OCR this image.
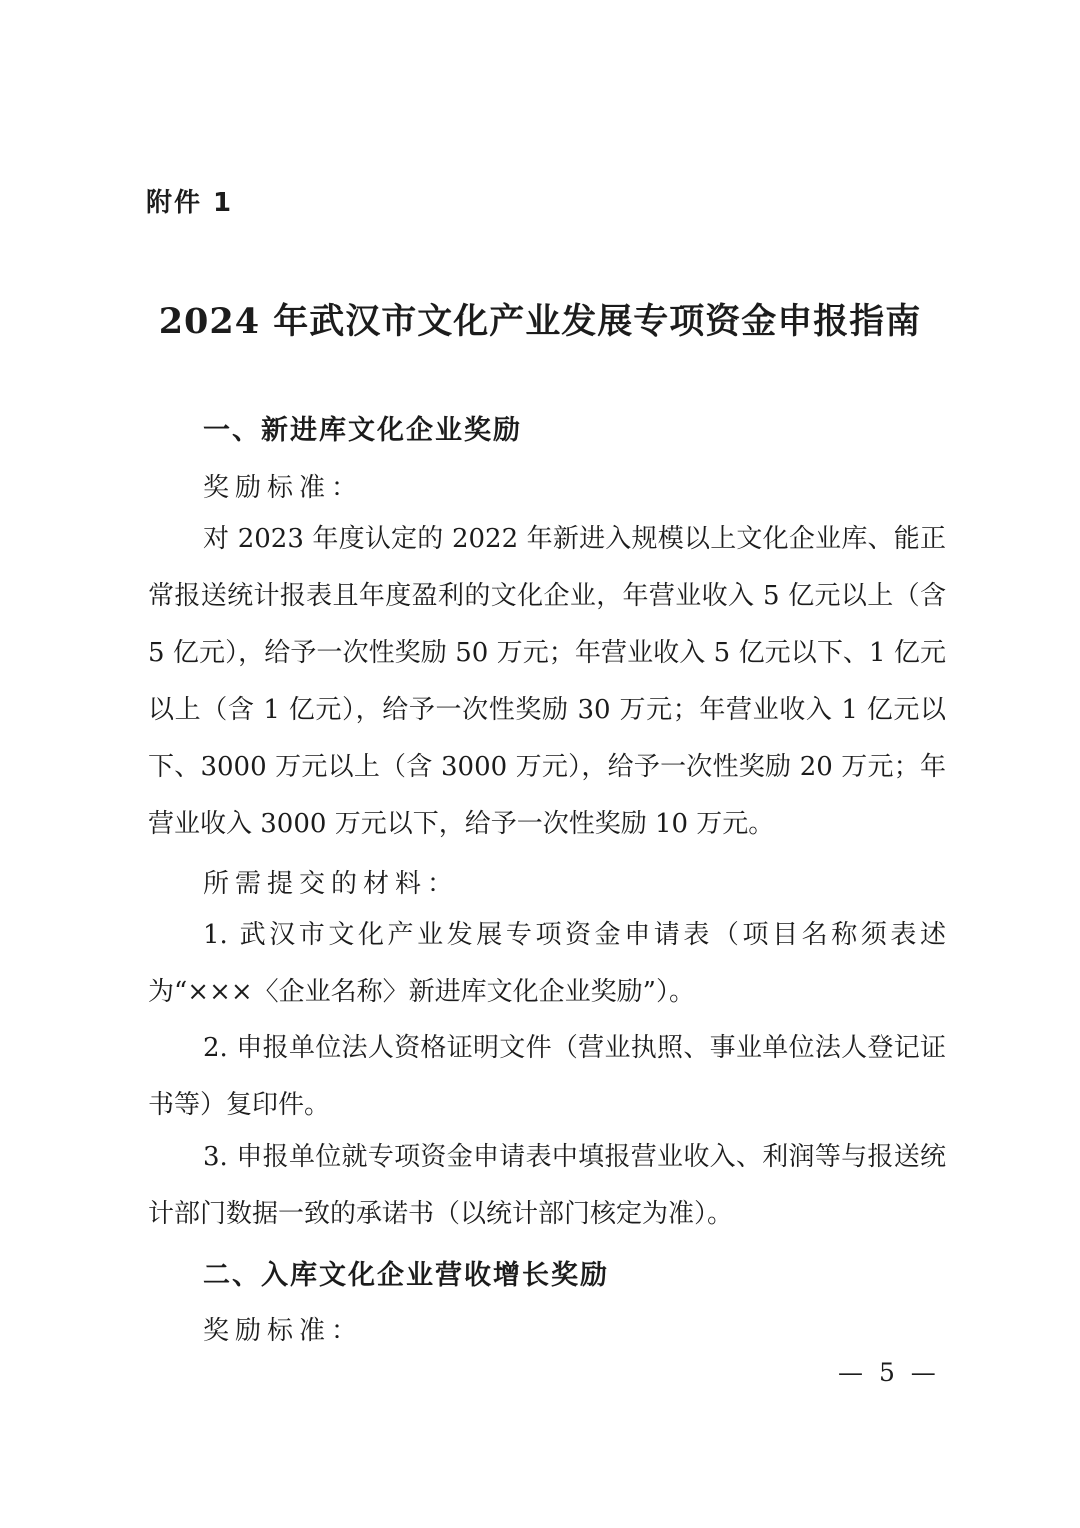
附件 1
2024 年武汉市文化产业发展专项资金申报指南
一、新进库文化企业奖励
奖励标准：
对 2023 年度认定的 2022 年新进入规模以上文化企业库、能正常报送统计报表且年度盈利的文化企业，年营业收入 5 亿元以上（含 5 亿元），给予一次性奖励 50 万元；年营业收入 5 亿元以下、1 亿元以上（含 1 亿元），给予一次性奖励 30 万元；年营业收入 1 亿元以下、3000 万元以上（含 3000 万元），给予一次性奖励 20 万元；年营业收入 3000 万元以下，给予一次性奖励 10 万元。
所需提交的材料：
1. 武汉市文化产业发展专项资金申请表（项目名称须表述为“×××〈企业名称〉新进库文化企业奖励”）。
2. 申报单位法人资格证明文件（营业执照、事业单位法人登记证书等）复印件。
3. 申报单位就专项资金申请表中填报营业收入、利润等与报送统计部门数据一致的承诺书（以统计部门核定为准）。
二、入库文化企业营收增长奖励
奖励标准：
— 5 —
